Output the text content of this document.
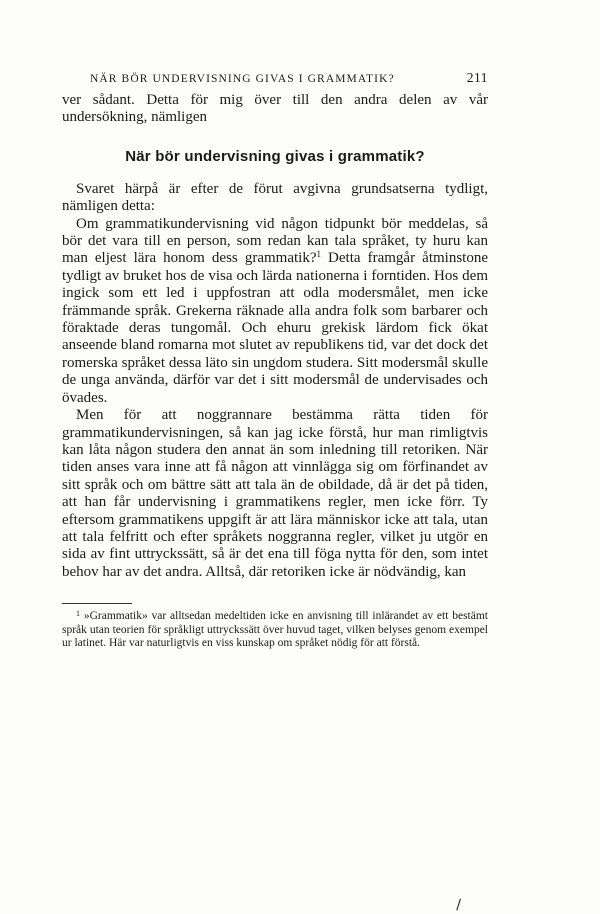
NÄR BÖR UNDERVISNING GIVAS I GRAMMATIK?	211

ver sådant. Detta för mig över till den andra delen av vår undersökning, nämligen

När bör undervisning givas i grammatik?

Svaret härpå är efter de förut avgivna grundsatserna tydligt, nämligen detta:

Om grammatikundervisning vid någon tidpunkt bör meddelas, så bör det vara till en person, som redan kan tala språket, ty huru kan man eljest lära honom dess grammatik?$^1$ Detta framgår åtminstone tydligt av bruket hos de visa och lärda nationerna i forntiden. Hos dem ingick som ett led i uppfostran att odla modersmålet, men icke främmande språk. Grekerna räknade alla andra folk som barbarer och föraktade deras tungomål. Och ehuru grekisk lärdom fick ökat anseende bland romarna mot slutet av republikens tid, var det dock det romerska språket dessa läto sin ungdom studera. Sitt modersmål skulle de unga använda, därför var det i sitt modersmål de undervisades och övades.

Men för att noggrannare bestämma rätta tiden för grammatikundervisningen, så kan jag icke förstå, hur man rimligtvis kan låta någon studera den annat än som inledning till retoriken. När tiden anses vara inne att få någon att vinnlägga sig om förfinandet av sitt språk och om bättre sätt att tala än de obildade, då är det på tiden, att han får undervisning i grammatikens regler, men icke förr. Ty eftersom grammatikens uppgift är att lära människor icke att tala, utan att tala felfritt och efter språkets noggranna regler, vilket ju utgör en sida av fint uttryckssätt, så är det ena till föga nytta för den, som intet behov har av det andra. Alltså, där retoriken icke är nödvändig, kan

$^1$ »Grammatik» var alltsedan medeltiden icke en anvisning till inlärandet av ett bestämt språk utan teorien för språkligt uttryckssätt över huvud taget, vilken belyses genom exempel ur latinet. Här var naturligtvis en viss kunskap om språket nödig för att förstå.

\
